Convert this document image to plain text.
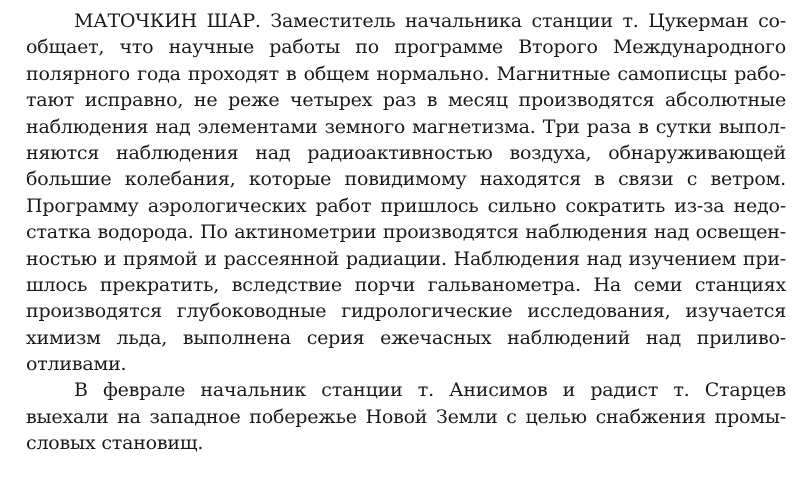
МАТОЧКИН ШАР. Заместитель начальника станции т. Цукерман со-
общает, что научные работы по программе Второго Международного
полярного года проходят в общем нормально. Магнитные самописцы рабо-
тают исправно, не реже четырех раз в месяц производятся абсолютные
наблюдения над элементами земного магнетизма. Три раза в сутки выпол-
няются наблюдения над радиоактивностью воздуха, обнаруживающей
большие колебания, которые повидимому находятся в связи с ветром.
Программу аэрологических работ пришлось сильно сократить из-за недо-
статка водорода. По актинометрии производятся наблюдения над освещен-
ностью и прямой и рассеянной радиации. Наблюдения над изучением при-
шлось прекратить, вследствие порчи гальванометра. На семи станциях
производятся глубоководные гидрологические исследования, изучается
химизм льда, выполнена серия ежечасных наблюдений над приливо-
отливами.
В феврале начальник станции т. Анисимов и радист т. Старцев
выехали на западное побережье Новой Земли с целью снабжения промы-
словых становищ.
